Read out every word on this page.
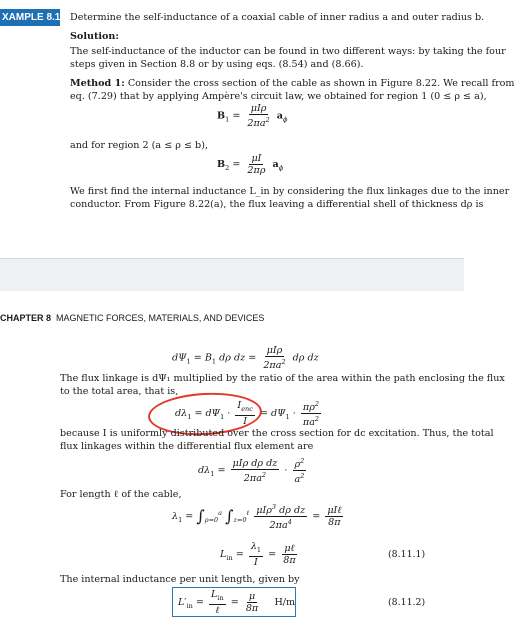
XAMPLE 8.11 Determine the self-inductance of a coaxial cable of inner radius a and outer radius b.
Solution:
The self-inductance of the inductor can be found in two different ways: by taking the four
steps given in Section 8.8 or by using eqs. (8.54) and (8.66).
Method 1: Consider the cross section of the cable as shown in Figure 8.22. We recall from
eq. (7.29) that by applying Ampère's circuit law, we obtained for region 1 (0 ≤ ρ ≤ a),
$B_1 = \frac{\text{μIρ}}{2\pi a^2} a_\phi$
and for region 2 (a ≤ ρ ≤ b),
$B_2 = \frac{\mu I}{2\pi\rho} a_\phi$
We first find the internal inductance L_in by considering the flux linkages due to the inner
conductor. From Figure 8.22(a), the flux leaving a differential shell of thickness dρ is
CHAPTER 8 MAGNETIC FORCES, MATERIALS, AND DEVICES
$d\Psi_1 = B_1$ dρ dz = $\frac{\text{μIρ}}{2\pi a^2}$ dρ dz
The flux linkage is dΨ₁ multiplied by the ratio of the area within the path enclosing the flux
to the total area, that is,
$d\lambda_1 = d\Psi_1 \cdot \frac{I_{enc}}{I} = d\Psi_1 \cdot \frac{\pi\rho^2}{\pi a^2}$
because I is uniformly distributed over the cross section for dc excitation. Thus, the total
flux linkages within the differential flux element are
$d\lambda_1 = \frac{\text{μIρ dρ dz}}{2\pi a^2} \cdot \frac{\rho^2}{a^2}$
For length ℓ of the cable,
$\lambda_1 = \int_{\rho=0}^a$ $\int_{z=0}^\ell \frac{\mu I\rho^3 d\rho dz}{2\pi a^4} = \frac{\text{μIℓ}}{8\pi}$
$L_{in} = \frac{\lambda_1}{I} = \frac{\text{μℓ}}{8\pi}$	(8.11.1)
The internal inductance per unit length, given by
$L'_{in} = \frac{L_{in}}{\text{ℓ}} = \frac{\mu}{8\pi} H/m$	(8.11.2)
